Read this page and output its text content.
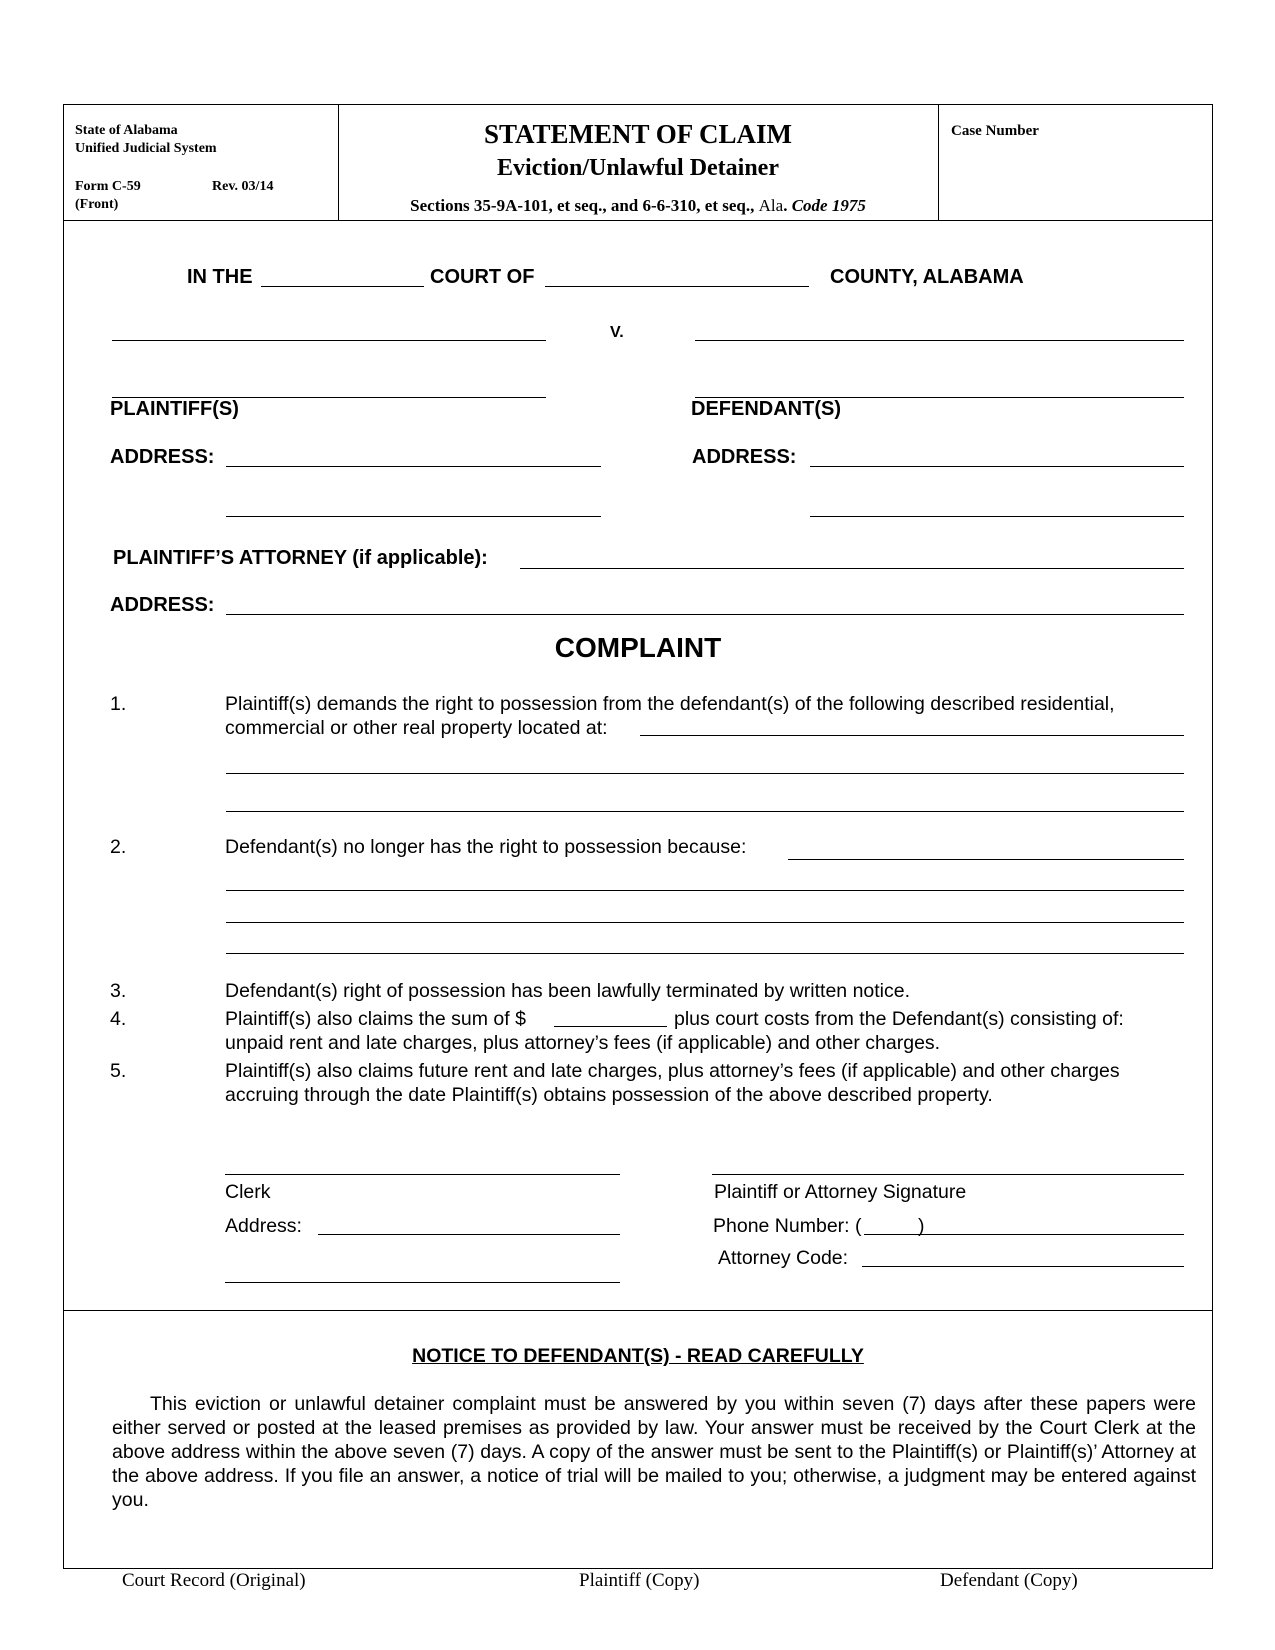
State of Alabama
Unified Judicial System
Form C-59	Rev. 03/14
(Front)
STATEMENT OF CLAIM
Eviction/Unlawful Detainer
Sections 35-9A-101, et seq., and 6-6-310, et seq., Ala. Code 1975
Case Number
IN THE	COURT OF	COUNTY, ALABAMA
V.
PLAINTIFF(S)	DEFENDANT(S)
ADDRESS:	ADDRESS:
PLAINTIFF’S ATTORNEY (if applicable):
ADDRESS:
COMPLAINT
1.	Plaintiff(s) demands the right to possession from the defendant(s) of the following described residential,
commercial or other real property located at:
2.	Defendant(s) no longer has the right to possession because:
3.	Defendant(s) right of possession has been lawfully terminated by written notice.
4.	Plaintiff(s) also claims the sum of $	plus court costs from the Defendant(s) consisting of:
unpaid rent and late charges, plus attorney’s fees (if applicable) and other charges.
5.	Plaintiff(s) also claims future rent and late charges, plus attorney’s fees (if applicable) and other charges
accruing through the date Plaintiff(s) obtains possession of the above described property.
Clerk	Plaintiff or Attorney Signature
Address:	Phone Number: (	)
Attorney Code:
NOTICE TO DEFENDANT(S) - READ CAREFULLY
This eviction or unlawful detainer complaint must be answered by you within seven (7) days after these papers were either served or posted at the leased premises as provided by law. Your answer must be received by the Court Clerk at the above address within the above seven (7) days. A copy of the answer must be sent to the Plaintiff(s) or Plaintiff(s)’ Attorney at the above address. If you file an answer, a notice of trial will be mailed to you; otherwise, a judgment may be entered against you.
Court Record (Original)	Plaintiff (Copy)	Defendant (Copy)
